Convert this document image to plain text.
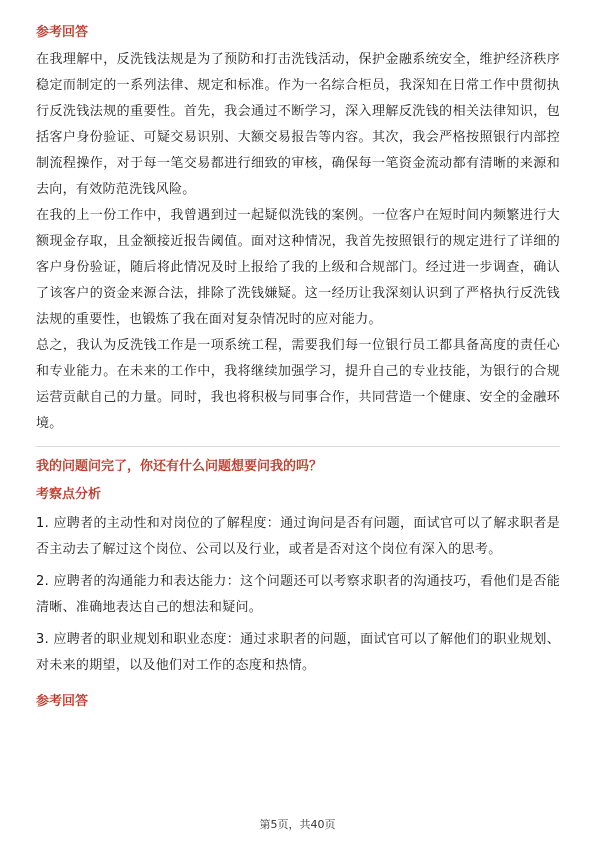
参考回答

在我理解中，反洗钱法规是为了预防和打击洗钱活动，保护金融系统安全，维护经济秩序稳定而制定的一系列法律、规定和标准。作为一名综合柜员，我深知在日常工作中贯彻执行反洗钱法规的重要性。首先，我会通过不断学习，深入理解反洗钱的相关法律知识，包括客户身份验证、可疑交易识别、大额交易报告等内容。其次，我会严格按照银行内部控制流程操作，对于每一笔交易都进行细致的审核，确保每一笔资金流动都有清晰的来源和去向，有效防范洗钱风险。

在我的上一份工作中，我曾遇到过一起疑似洗钱的案例。一位客户在短时间内频繁进行大额现金存取，且金额接近报告阈值。面对这种情况，我首先按照银行的规定进行了详细的客户身份验证，随后将此情况及时上报给了我的上级和合规部门。经过进一步调查，确认了该客户的资金来源合法，排除了洗钱嫌疑。这一经历让我深刻认识到了严格执行反洗钱法规的重要性，也锻炼了我在面对复杂情况时的应对能力。

总之，我认为反洗钱工作是一项系统工程，需要我们每一位银行员工都具备高度的责任心和专业能力。在未来的工作中，我将继续加强学习，提升自己的专业技能，为银行的合规运营贡献自己的力量。同时，我也将积极与同事合作，共同营造一个健康、安全的金融环境。

我的问题问完了，你还有什么问题想要问我的吗？
考察点分析

1. 应聘者的主动性和对岗位的了解程度：通过询问是否有问题，面试官可以了解求职者是否主动去了解过这个岗位、公司以及行业，或者是否对这个岗位有深入的思考。

2. 应聘者的沟通能力和表达能力：这个问题还可以考察求职者的沟通技巧，看他们是否能清晰、准确地表达自己的想法和疑问。

3. 应聘者的职业规划和职业态度：通过求职者的问题，面试官可以了解他们的职业规划、对未来的期望，以及他们对工作的态度和热情。

参考回答
第5页，共40页
